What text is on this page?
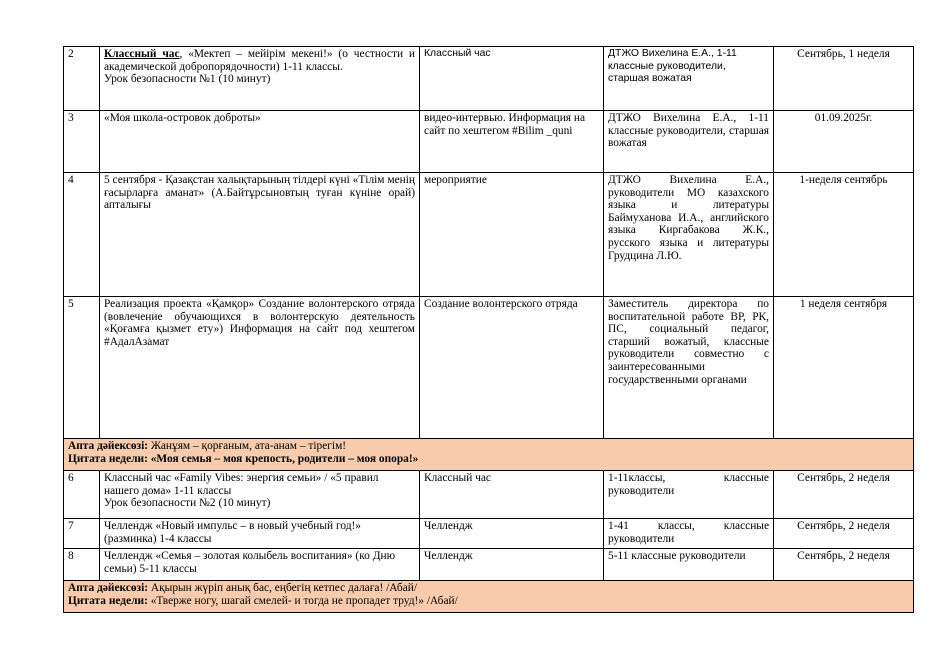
2	Классный час, «Мектеп – мейірім мекені!» (о честности и академической добропорядочности) 1-11 классы.
Урок безопасности №1 (10 минут)	Классный час	ДТЖО Вихелина Е.А., 1-11 классные руководители, старшая вожатая	Сентябрь, 1 неделя
3	«Моя школа-островок доброты»	видео-интервью. Информация на сайт по хештегом #Bilim _quni	ДТЖО Вихелина Е.А., 1-11 классные руководители, старшая вожатая	01.09.2025г.
4	5 сентября - Қазақстан халықтарының тілдері күні «Тілім менің ғасырларға аманат» (А.Байтұрсыновтың туған күніне орай) апталығы	мероприятие	ДТЖО Вихелина Е.А., руководители МО казахского языка и литературы Баймуханова И.А., английского языка Киргабакова Ж.К., русского языка и литературы Грудцина Л.Ю.	1-неделя сентябрь
5	Реализация проекта «Қамқор» Создание волонтерского отряда (вовлечение обучающихся в волонтерскую деятельность «Қоғамға қызмет ету») Информация на сайт под хештегом #АдалАзамат	Создание волонтерского отряда	Заместитель директора по воспитательной работе ВР, РК, ПС, социальный педагог, старший вожатый, классные руководители совместно с заинтересованными государственными органами	1 неделя сентября

Апта дәйексөзі: Жанұям – қорғаным, ата-анам – тірегім!
Цитата недели: «Моя семья – моя крепость, родители – моя опора!»				

6	Классный час «Family Vibes: энергия семьи» / «5 правил нашего дома» 1-11 классы
Урок безопасности №2 (10 минут)	Классный час	1-11классы, классные руководители	Сентябрь, 2 неделя
7	Челлендж «Новый импульс – в новый учебный год!» (разминка) 1-4 классы	Челлендж	1-41 классы, классные руководители	Сентябрь, 2 неделя
8	Челлендж «Семья – золотая колыбель воспитания» (ко Дню семьи) 5-11 классы	Челлендж	5-11 классные руководители	Сентябрь, 2 неделя

Апта дәйексөзі: Ақырын жүріп анық бас, еңбегің кетпес далаға! /Абай/
Цитата недели: «Тверже ногу, шагай смелей- и тогда не пропадет труд!» /Абай/				
